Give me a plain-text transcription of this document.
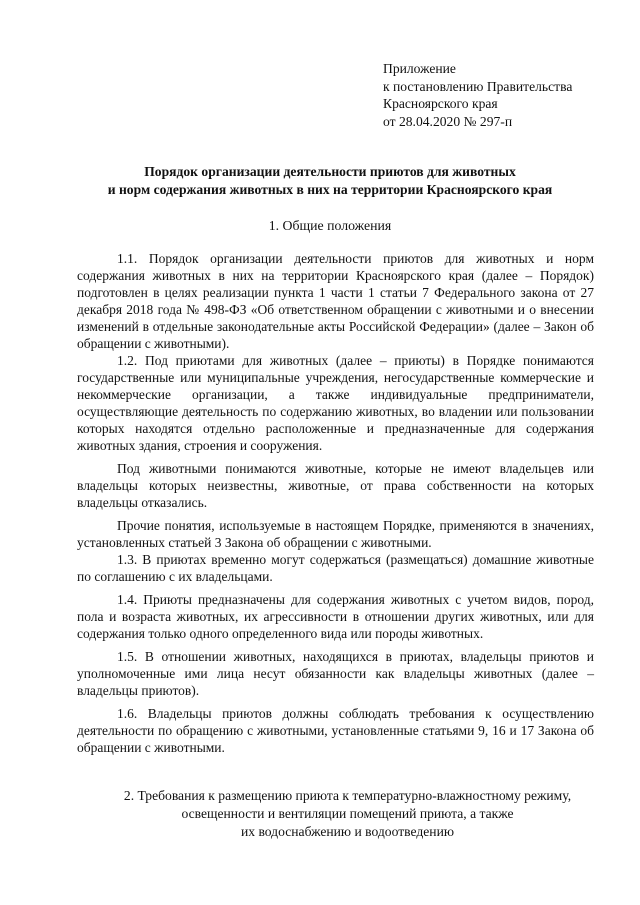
Приложение
к постановлению Правительства
Красноярского края
от 28.04.2020 № 297-п
Порядок организации деятельности приютов для животных
и норм содержания животных в них на территории Красноярского края
1. Общие положения

1.1. Порядок организации деятельности приютов для животных и норм содержания животных в них на территории Красноярского края (далее – Порядок) подготовлен в целях реализации пункта 1 части 1 статьи 7 Федерального закона от 27 декабря 2018 года № 498-ФЗ «Об ответственном обращении с животными и о внесении изменений в отдельные законодательные акты Российской Федерации» (далее – Закон об обращении с животными).

1.2. Под приютами для животных (далее – приюты) в Порядке понимаются государственные или муниципальные учреждения, негосударственные коммерческие и некоммерческие организации, а также индивидуальные предприниматели, осуществляющие деятельность по содержанию животных, во владении или пользовании которых находятся отдельно расположенные и предназначенные для содержания животных здания, строения и сооружения.

Под животными понимаются животные, которые не имеют владельцев или владельцы которых неизвестны, животные, от права собственности на которых владельцы отказались.

Прочие понятия, используемые в настоящем Порядке, применяются в значениях, установленных статьей 3 Закона об обращении с животными.

1.3. В приютах временно могут содержаться (размещаться) домашние животные по соглашению с их владельцами.

1.4. Приюты предназначены для содержания животных с учетом видов, пород, пола и возраста животных, их агрессивности в отношении других животных, или для содержания только одного определенного вида или породы животных.

1.5. В отношении животных, находящихся в приютах, владельцы приютов и уполномоченные ими лица несут обязанности как владельцы животных (далее – владельцы приютов).

1.6. Владельцы приютов должны соблюдать требования к осуществлению деятельности по обращению с животными, установленные статьями 9, 16 и 17 Закона об обращении с животными.

2. Требования к размещению приюта к температурно-влажностному режиму,
освещенности и вентиляции помещений приюта, а также
их водоснабжению и водоотведению
